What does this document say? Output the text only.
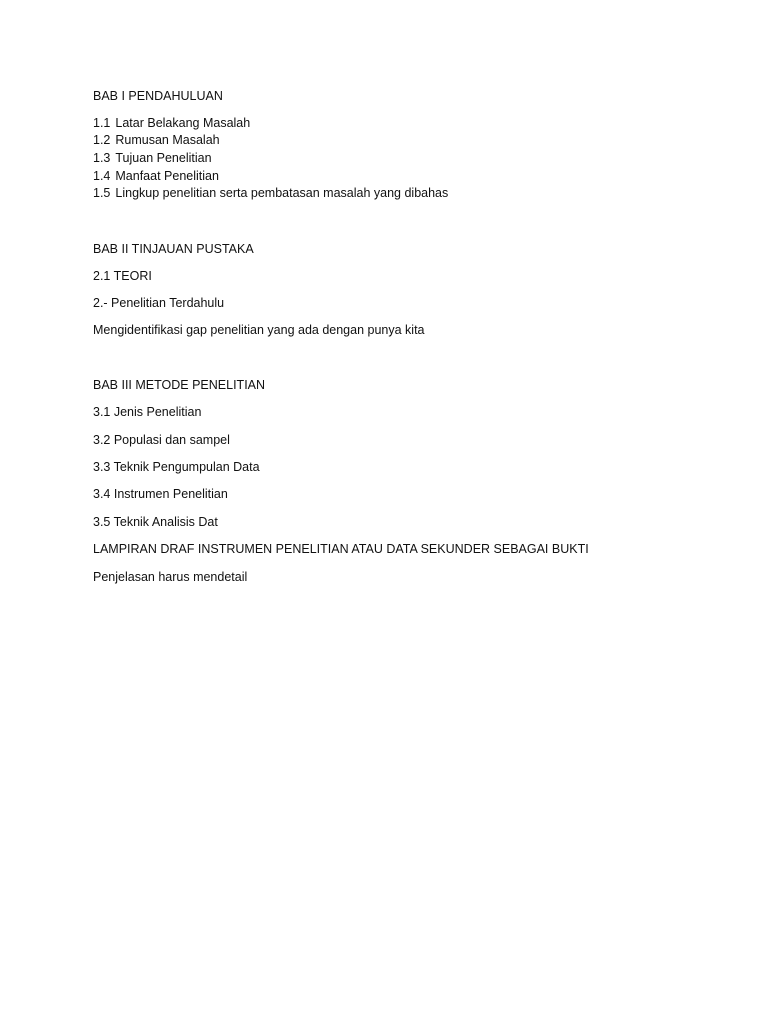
BAB I PENDAHULUAN
1.1 Latar Belakang Masalah
1.2 Rumusan Masalah
1.3 Tujuan Penelitian
1.4 Manfaat Penelitian
1.5 Lingkup penelitian serta pembatasan masalah yang dibahas
BAB II TINJAUAN PUSTAKA
2.1 TEORI
2.- Penelitian Terdahulu
Mengidentifikasi gap penelitian yang ada dengan punya kita
BAB III METODE PENELITIAN
3.1 Jenis Penelitian
3.2 Populasi dan sampel
3.3 Teknik Pengumpulan Data
3.4 Instrumen Penelitian
3.5 Teknik Analisis Dat
LAMPIRAN DRAF INSTRUMEN PENELITIAN ATAU DATA SEKUNDER SEBAGAI BUKTI
Penjelasan harus mendetail
